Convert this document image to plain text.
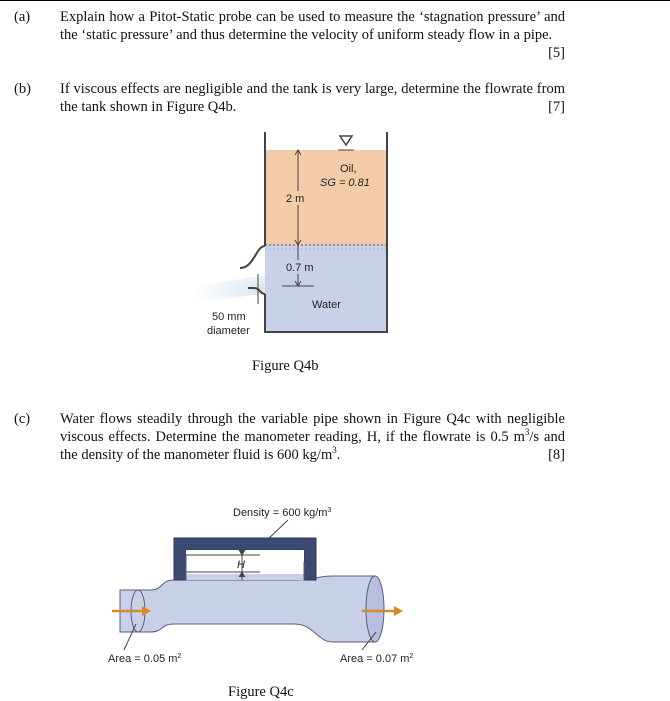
(a) Explain how a Pitot-Static probe can be used to measure the ‘stagnation pressure’ and the ‘static pressure’ and thus determine the velocity of uniform steady flow in a pipe.
[5]
(b) If viscous effects are negligible and the tank is very large, determine the flowrate from the tank shown in Figure Q4b.	[7]
2 m
0.7 m
Oil,
SG = 0.81
Water
50 mm
diameter
Figure Q4b
(c) Water flows steadily through the variable pipe shown in Figure Q4c with negligible viscous effects. Determine the manometer reading, H, if the flowrate is 0.5 $m^3/s$ and the density of the manometer fluid is 600 $kg/m^3$.	[8]
Density = 600 $kg/m^3$
H
Area = 0.05 $m^2$	Area = 0.07 $m^2$
Figure Q4c
